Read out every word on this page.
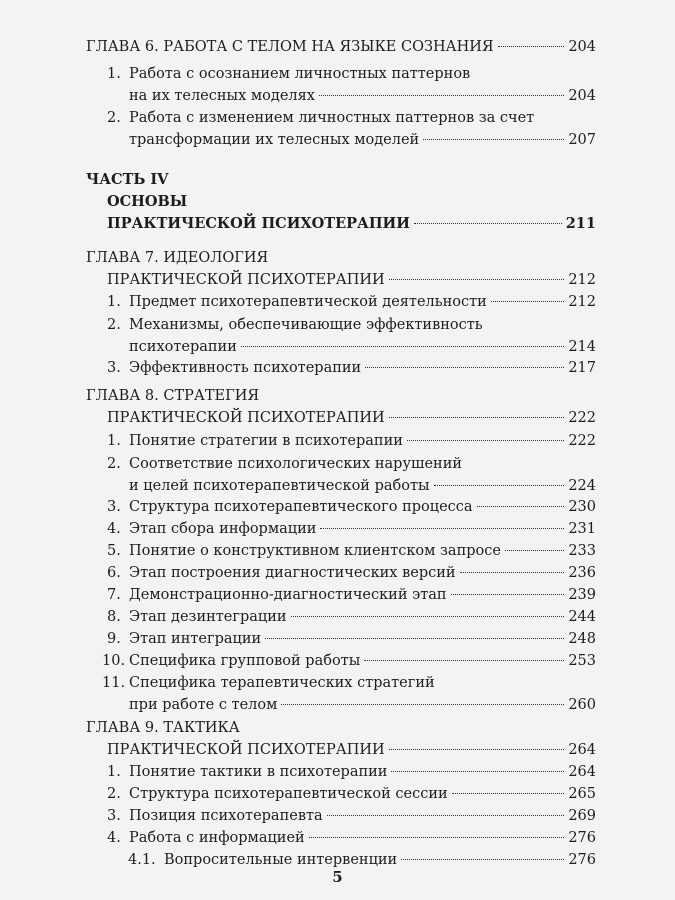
ГЛАВА 6. РАБОТА С ТЕЛОМ НА ЯЗЫКЕ СОЗНАНИЯ	204
1. Работа с осознанием личностных паттернов
на их телесных моделях	204
2. Работа с изменением личностных паттернов за счет
трансформации их телесных моделей	207
ЧАСТЬ IV
ОСНОВЫ
ПРАКТИЧЕСКОЙ ПСИХОТЕРАПИИ	211
ГЛАВА 7. ИДЕОЛОГИЯ
ПРАКТИЧЕСКОЙ ПСИХОТЕРАПИИ	212
1. Предмет психотерапевтической деятельности	212
2. Механизмы, обеспечивающие эффективность
психотерапии	214
3. Эффективность психотерапии	217
ГЛАВА 8. СТРАТЕГИЯ
ПРАКТИЧЕСКОЙ ПСИХОТЕРАПИИ	222
1. Понятие стратегии в психотерапии	222
2. Соответствие психологических нарушений
и целей психотерапевтической работы	224
3. Структура психотерапевтического процесса	230
4. Этап сбора информации	231
5. Понятие о конструктивном клиентском запросе	233
6. Этап построения диагностических версий	236
7. Демонстрационно-диагностический этап	239
8. Этап дезинтеграции	244
9. Этап интеграции	248
10. Специфика групповой работы	253
11. Специфика терапевтических стратегий
при работе с телом	260
ГЛАВА 9. ТАКТИКА
ПРАКТИЧЕСКОЙ ПСИХОТЕРАПИИ	264
1. Понятие тактики в психотерапии	264
2. Структура психотерапевтической сессии	265
3. Позиция психотерапевта	269
4. Работа с информацией	276
4.1. Вопросительные интервенции	276
5
